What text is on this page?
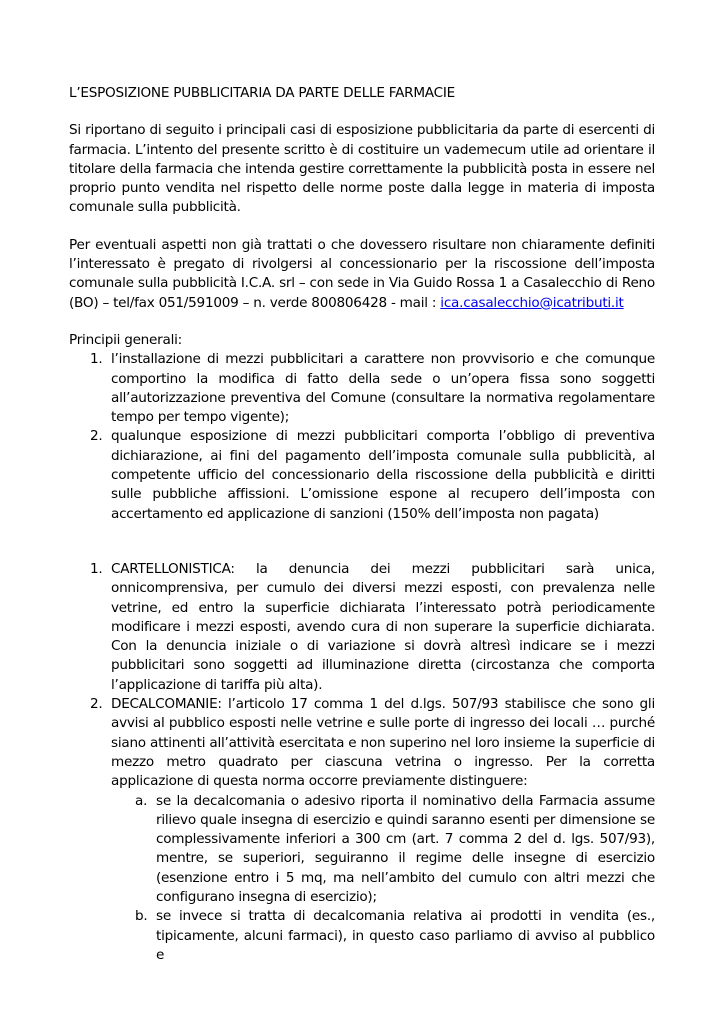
L’ESPOSIZIONE PUBBLICITARIA DA PARTE DELLE FARMACIE

Si riportano di seguito i principali casi di esposizione pubblicitaria da parte di esercenti di farmacia. L’intento del presente scritto è di costituire un vademecum utile ad orientare il titolare della farmacia che intenda gestire correttamente la pubblicità posta in essere nel proprio punto vendita nel rispetto delle norme poste dalla legge in materia di imposta comunale sulla pubblicità.

Per eventuali aspetti non già trattati o che dovessero risultare non chiaramente definiti l’interessato è pregato di rivolgersi al concessionario per la riscossione dell’imposta comunale sulla pubblicità I.C.A. srl – con sede in Via Guido Rossa 1 a Casalecchio di Reno (BO) – tel/fax 051/591009 – n. verde 800806428 - mail : ica.casalecchio@icatributi.it

Principii generali:
1. l’installazione di mezzi pubblicitari a carattere non provvisorio e che comunque comportino la modifica di fatto della sede o un’opera fissa sono soggetti all’autorizzazione preventiva del Comune (consultare la normativa regolamentare tempo per tempo vigente);
2. qualunque esposizione di mezzi pubblicitari comporta l’obbligo di preventiva dichiarazione, ai fini del pagamento dell’imposta comunale sulla pubblicità, al competente ufficio del concessionario della riscossione della pubblicità e diritti sulle pubbliche affissioni. L’omissione espone al recupero dell’imposta con accertamento ed applicazione di sanzioni (150% dell’imposta non pagata)
1. CARTELLONISTICA: la denuncia dei mezzi pubblicitari sarà unica, onnicomprensiva, per cumulo dei diversi mezzi esposti, con prevalenza nelle vetrine, ed entro la superficie dichiarata l’interessato potrà periodicamente modificare i mezzi esposti, avendo cura di non superare la superficie dichiarata. Con la denuncia iniziale o di variazione si dovrà altresì indicare se i mezzi pubblicitari sono soggetti ad illuminazione diretta (circostanza che comporta l’applicazione di tariffa più alta).
2. DECALCOMANIE: l’articolo 17 comma 1 del d.lgs. 507/93 stabilisce che sono gli avvisi al pubblico esposti nelle vetrine e sulle porte di ingresso dei locali … purché siano attinenti all’attività esercitata e non superino nel loro insieme la superficie di mezzo metro quadrato per ciascuna vetrina o ingresso. Per la corretta applicazione di questa norma occorre previamente distinguere:
a. se la decalcomania o adesivo riporta il nominativo della Farmacia assume rilievo quale insegna di esercizio e quindi saranno esenti per dimensione se complessivamente inferiori a 300 cm (art. 7 comma 2 del d. lgs. 507/93), mentre, se superiori, seguiranno il regime delle insegne di esercizio (esenzione entro i 5 mq, ma nell’ambito del cumulo con altri mezzi che configurano insegna di esercizio);
b. se invece si tratta di decalcomania relativa ai prodotti in vendita (es., tipicamente, alcuni farmaci), in questo caso parliamo di avviso al pubblico e
